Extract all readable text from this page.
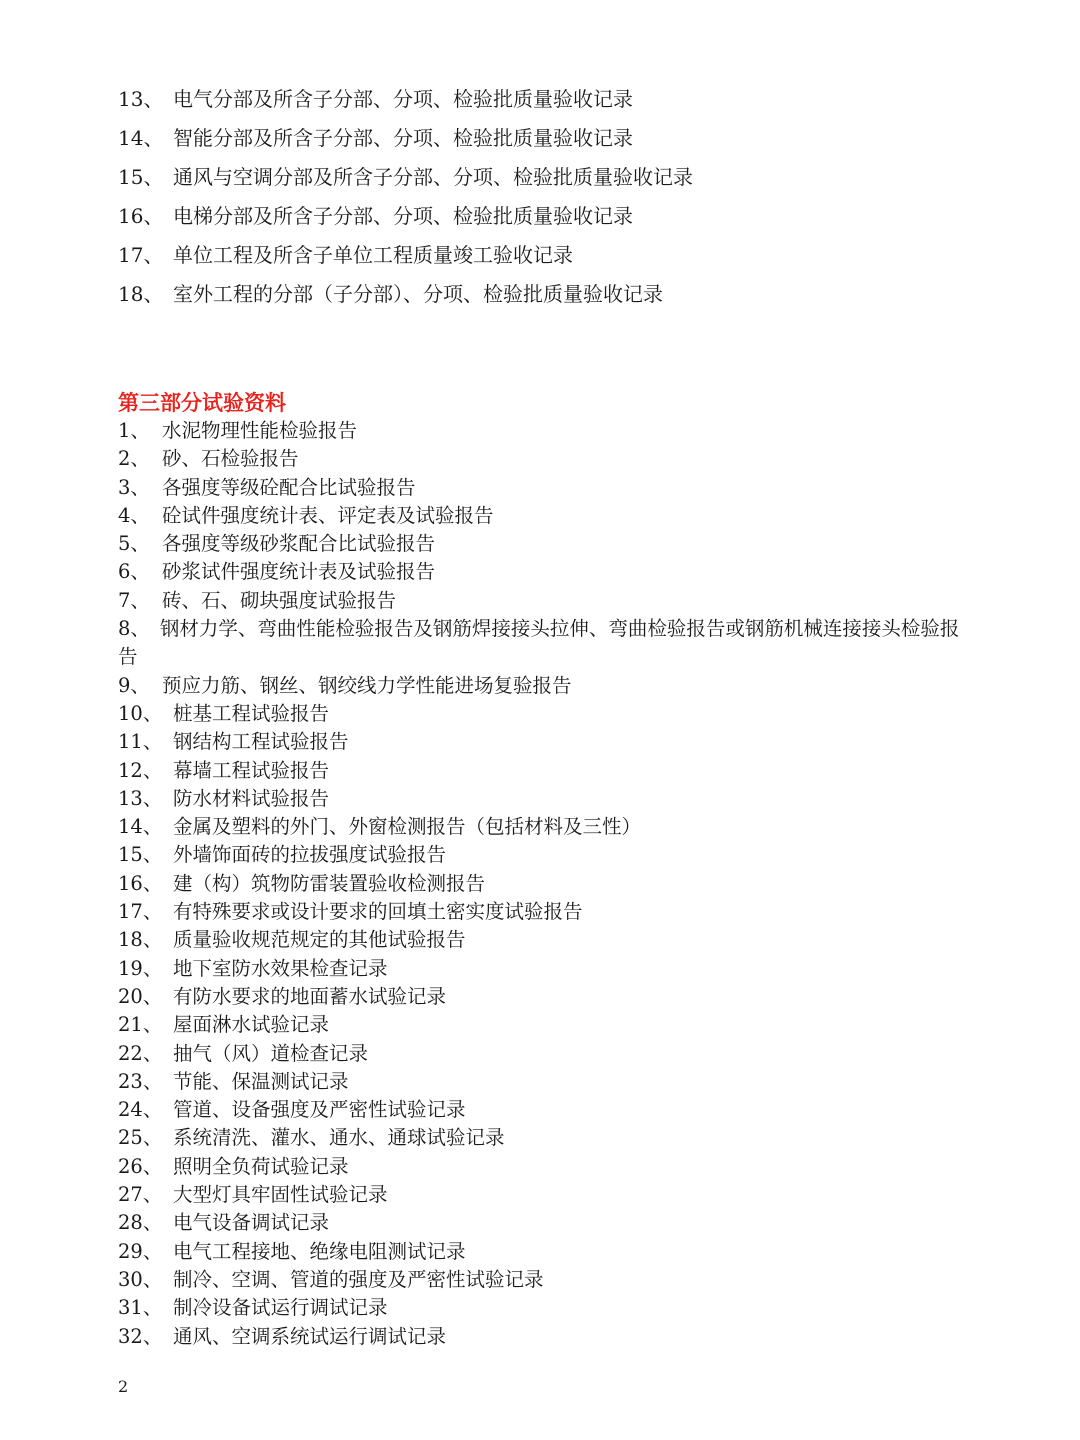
13、 电气分部及所含子分部、分项、检验批质量验收记录
14、 智能分部及所含子分部、分项、检验批质量验收记录
15、 通风与空调分部及所含子分部、分项、检验批质量验收记录
16、 电梯分部及所含子分部、分项、检验批质量验收记录
17、 单位工程及所含子单位工程质量竣工验收记录
18、 室外工程的分部（子分部）、分项、检验批质量验收记录
第三部分试验资料
1、 水泥物理性能检验报告
2、 砂、石检验报告
3、 各强度等级砼配合比试验报告
4、 砼试件强度统计表、评定表及试验报告
5、 各强度等级砂浆配合比试验报告
6、 砂浆试件强度统计表及试验报告
7、 砖、石、砌块强度试验报告
8、 钢材力学、弯曲性能检验报告及钢筋焊接接头拉伸、弯曲检验报告或钢筋机械连接接头检验报告
9、 预应力筋、钢丝、钢绞线力学性能进场复验报告
10、 桩基工程试验报告
11、 钢结构工程试验报告
12、 幕墙工程试验报告
13、 防水材料试验报告
14、 金属及塑料的外门、外窗检测报告（包括材料及三性）
15、 外墙饰面砖的拉拔强度试验报告
16、 建（构）筑物防雷装置验收检测报告
17、 有特殊要求或设计要求的回填土密实度试验报告
18、 质量验收规范规定的其他试验报告
19、 地下室防水效果检查记录
20、 有防水要求的地面蓄水试验记录
21、 屋面淋水试验记录
22、 抽气（风）道检查记录
23、 节能、保温测试记录
24、 管道、设备强度及严密性试验记录
25、 系统清洗、灌水、通水、通球试验记录
26、 照明全负荷试验记录
27、 大型灯具牢固性试验记录
28、 电气设备调试记录
29、 电气工程接地、绝缘电阻测试记录
30、 制冷、空调、管道的强度及严密性试验记录
31、 制冷设备试运行调试记录
32、 通风、空调系统试运行调试记录
2
